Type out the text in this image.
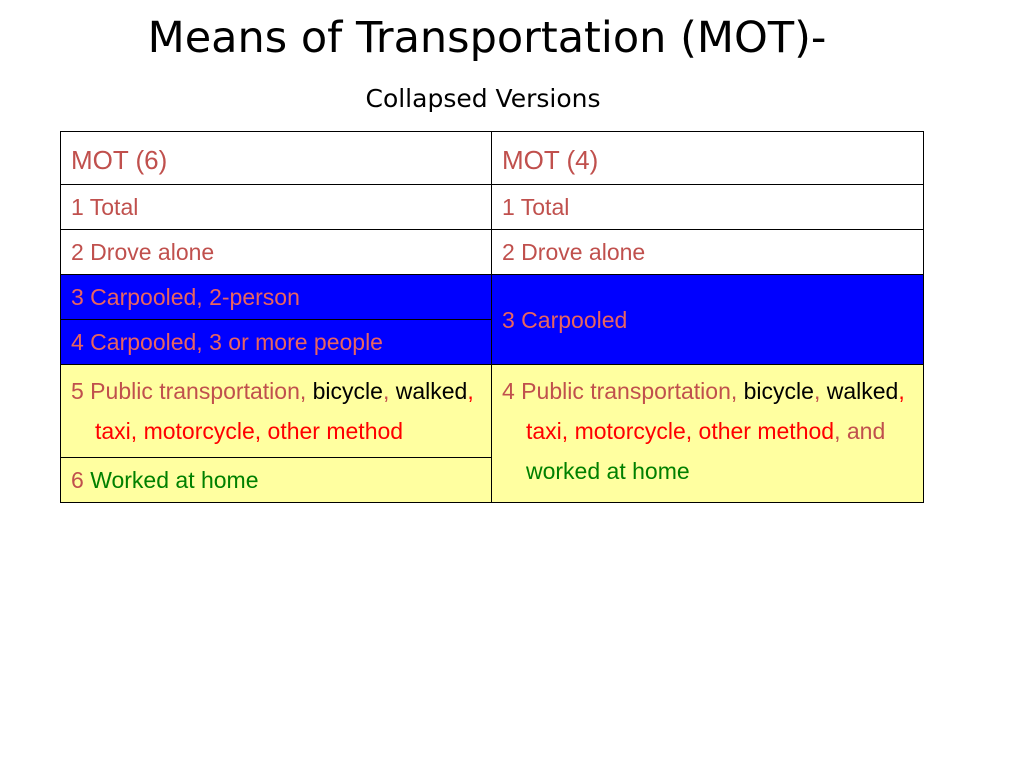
Means of Transportation (MOT)-
Collapsed Versions
MOT (6)	MOT (4)
1 Total	1 Total
2 Drove alone	2 Drove alone
3 Carpooled, 2-person	3 Carpooled
4 Carpooled, 3 or more people	

5 Public transportation, bicycle, walked, taxi, motorcycle, other method	4 Public transportation, bicycle, walked, taxi, motorcycle, other method, and worked at home

6 Worked at home	
